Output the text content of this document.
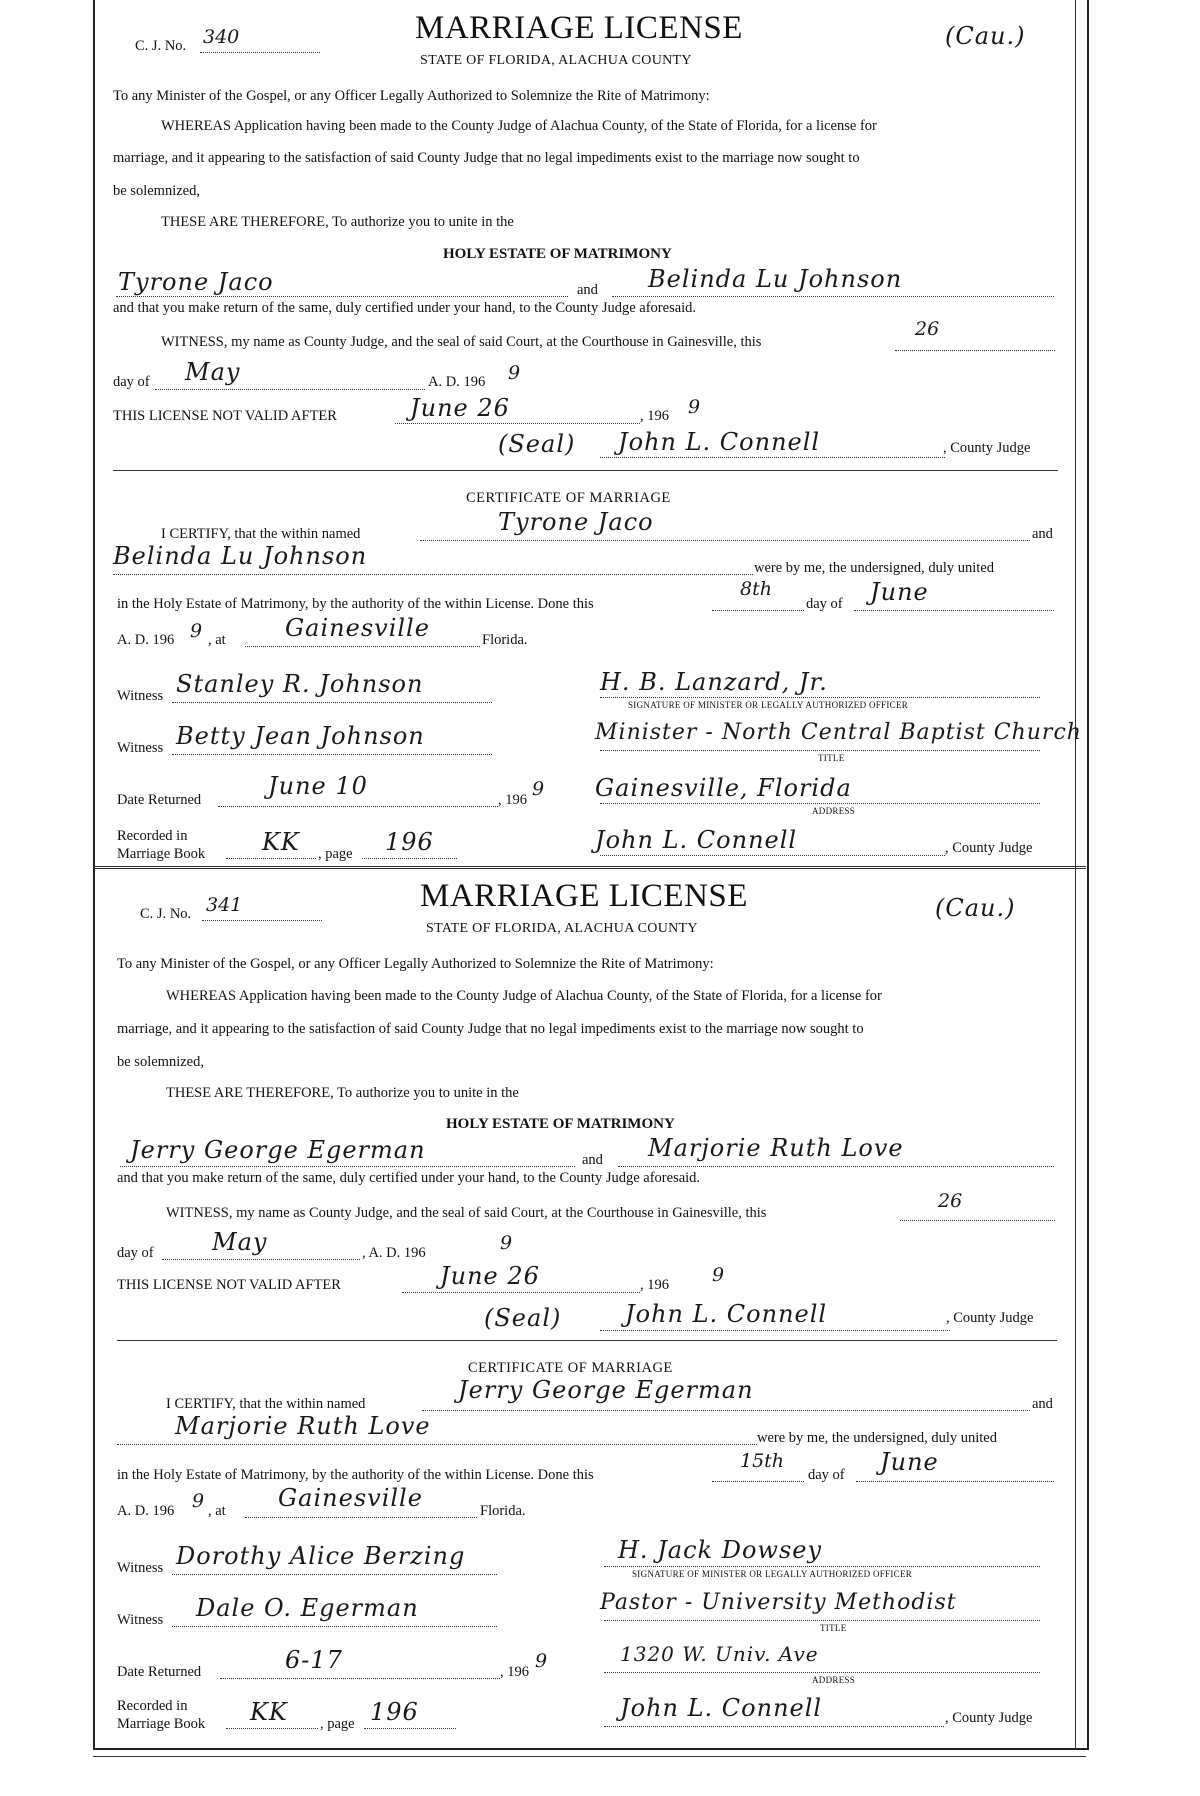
C. J. No. 340	MARRIAGE LICENSE
STATE OF FLORIDA, ALACHUA COUNTY
(Cau.)
To any Minister of the Gospel, or any Officer Legally Authorized to Solemnize the Rite of Matrimony:
WHEREAS Application having been made to the County Judge of Alachua County, of the State of Florida, for a license for
marriage, and it appearing to the satisfaction of said County Judge that no legal impediments exist to the marriage now sought to
be solemnized,
THESE ARE THEREFORE, To authorize you to unite in the
HOLY ESTATE OF MATRIMONY
Tyrone Jaco	and Belinda Lu Johnson
and that you make return of the same, duly certified under your hand, to the County Judge aforesaid.
WITNESS, my name as County Judge, and the seal of said Court, at the Courthouse in Gainesville, this
26
day of May	A. D. 196 9
THIS LICENSE NOT VALID AFTER	June 26	, 196 9
(Seal) John L. Connell	, County Judge
CERTIFICATE OF MARRIAGE
I CERTIFY, that the within named	Tyrone Jaco	and
Belinda Lu Johnson	were by me, the undersigned, duly united
in the Holy Estate of Matrimony, by the authority of the within License. Done this
8th
day of June
A. D. 196 9 , at Gainesville	Florida.
Witness Stanley R. Johnson	H. B. Lanzard, Jr.
SIGNATURE OF MINISTER OR LEGALLY AUTHORIZED OFFICER
Witness Betty Jean Johnson	Minister - North Central Baptist Church
TITLE
Date Returned	June 10	, 196 9 Gainesville, Florida
ADDRESS
Recorded in
Marriage Book KK , page 196	John L. Connell	, County Judge
C. J. No. 341	MARRIAGE LICENSE
STATE OF FLORIDA, ALACHUA COUNTY
(Cau.)
To any Minister of the Gospel, or any Officer Legally Authorized to Solemnize the Rite of Matrimony:
WHEREAS Application having been made to the County Judge of Alachua County, of the State of Florida, for a license for
marriage, and it appearing to the satisfaction of said County Judge that no legal impediments exist to the marriage now sought to
be solemnized,
THESE ARE THEREFORE, To authorize you to unite in the
HOLY ESTATE OF MATRIMONY
Jerry George Egerman	and Marjorie Ruth Love
and that you make return of the same, duly certified under your hand, to the County Judge aforesaid.
WITNESS, my name as County Judge, and the seal of said Court, at the Courthouse in Gainesville, this
26
day of May	, A. D. 196	9
THIS LICENSE NOT VALID AFTER	June 26	, 196 9
(Seal)	John L. Connell	, County Judge
CERTIFICATE OF MARRIAGE
I CERTIFY, that the within named	Jerry George Egerman	and
Marjorie Ruth Love	were by me, the undersigned, duly united
in the Holy Estate of Matrimony, by the authority of the within License. Done this
15th
day of June
A. D. 196 9 , at Gainesville	Florida.
Witness Dorothy Alice Berzing	H. Jack Dowsey
SIGNATURE OF MINISTER OR LEGALLY AUTHORIZED OFFICER
Witness Dale O. Egerman	Pastor - University Methodist
TITLE
Date Returned	6-17	, 196 9	1320 W. Univ. Ave
ADDRESS
Recorded in
Marriage Book KK , page 196	John L. Connell	, County Judge
